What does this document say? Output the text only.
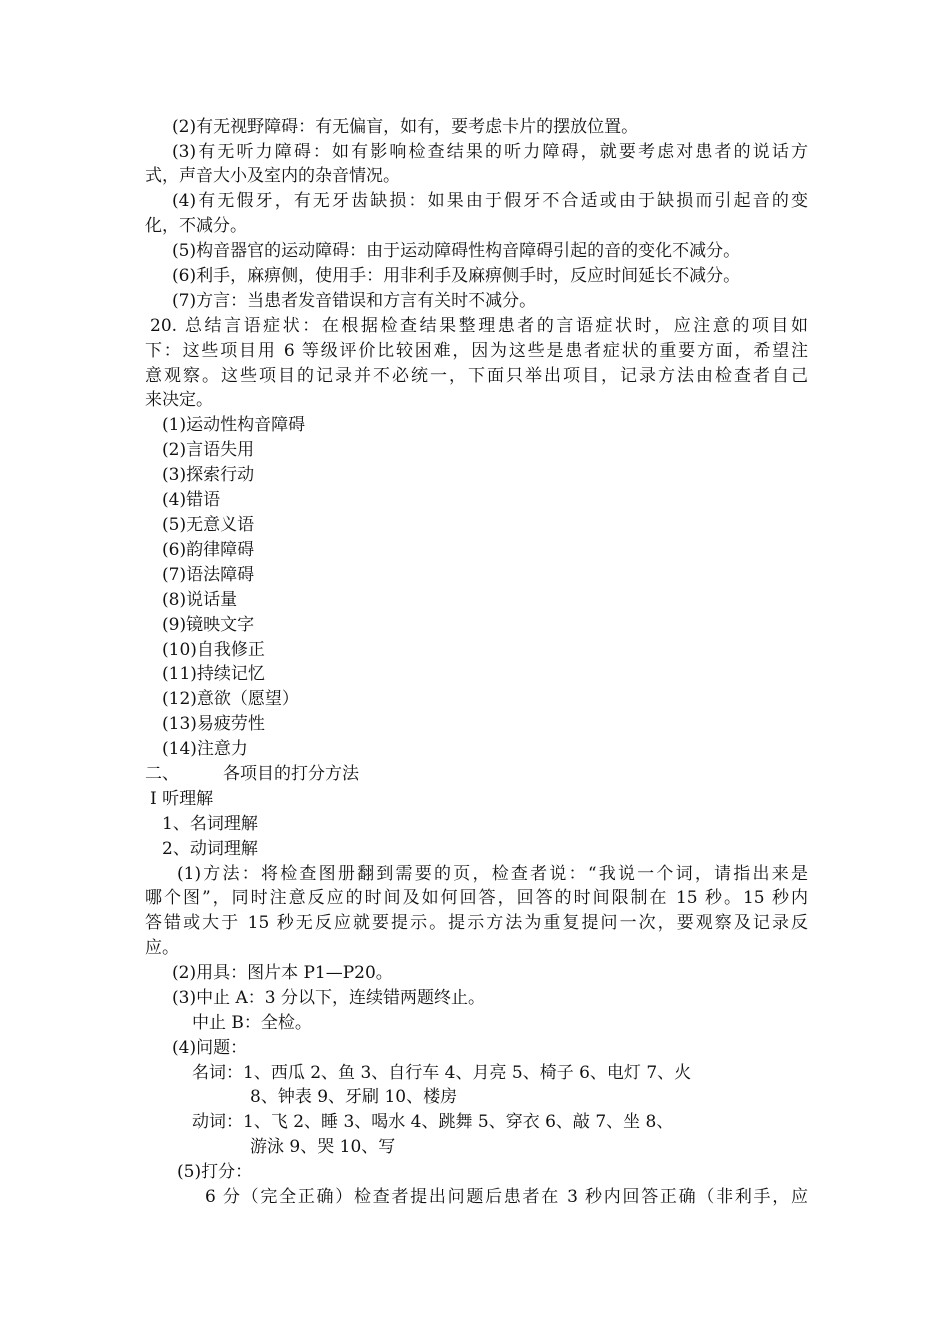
(2)有无视野障碍：有无偏盲，如有，要考虑卡片的摆放位置。
(3)有无听力障碍：如有影响检查结果的听力障碍，就要考虑对患者的说话方
式，声音大小及室内的杂音情况。
(4)有无假牙，有无牙齿缺损：如果由于假牙不合适或由于缺损而引起音的变
化，不减分。
(5)构音器官的运动障碍：由于运动障碍性构音障碍引起的音的变化不减分。
(6)利手，麻痹侧，使用手：用非利手及麻痹侧手时，反应时间延长不减分。
(7)方言：当患者发音错误和方言有关时不减分。
20. 总结言语症状：在根据检查结果整理患者的言语症状时，应注意的项目如
下：这些项目用 6 等级评价比较困难，因为这些是患者症状的重要方面，希望注
意观察。这些项目的记录并不必统一，下面只举出项目，记录方法由检查者自己
来决定。
(1)运动性构音障碍
(2)言语失用
(3)探索行动
(4)错语
(5)无意义语
(6)韵律障碍
(7)语法障碍
(8)说话量
(9)镜映文字
(10)自我修正
(11)持续记忆
(12)意欲（愿望）
(13)易疲劳性
(14)注意力
二、	各项目的打分方法
Ⅰ 听理解
1、名词理解
2、动词理解
(1)方法：将检查图册翻到需要的页，检查者说：“我说一个词，请指出来是
哪个图”，同时注意反应的时间及如何回答，回答的时间限制在 15 秒。15 秒内
答错或大于 15 秒无反应就要提示。提示方法为重复提问一次，要观察及记录反
应。
(2)用具：图片本 P1—P20。
(3)中止 A：3 分以下，连续错两题终止。
中止 B：全检。
(4)问题：
名词：1、西瓜 2、鱼 3、自行车 4、月亮 5、椅子 6、电灯 7、火
8、钟表 9、牙刷 10、楼房
动词：1、飞 2、睡 3、喝水 4、跳舞 5、穿衣 6、敲 7、坐 8、
游泳 9、哭 10、写
(5)打分：
6 分（完全正确）检查者提出问题后患者在 3 秒内回答正确（非利手，应
